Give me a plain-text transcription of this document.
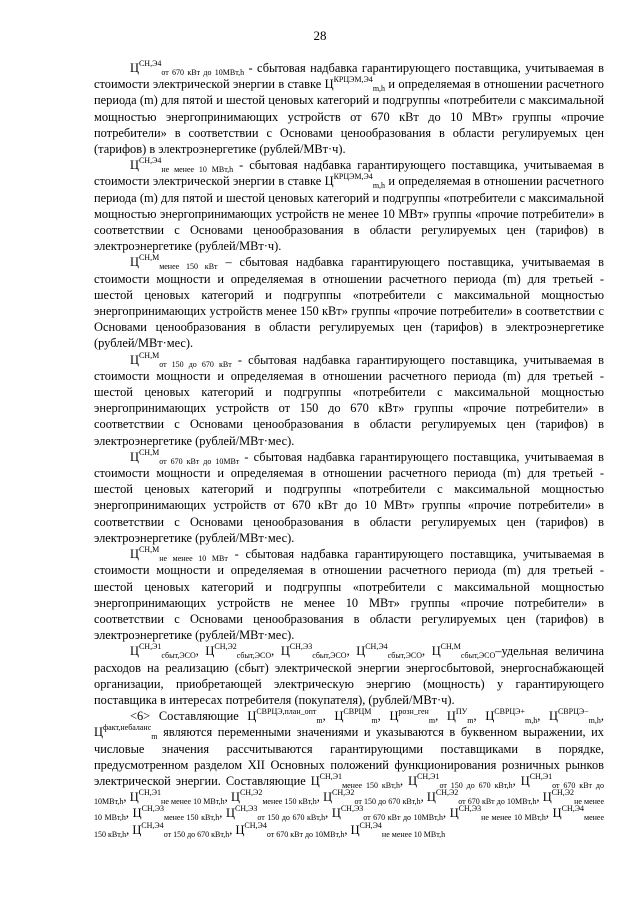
28

$Ц^{СН,Э4}_{от 670 кВт до 10МВт,h}$ - сбытовая надбавка гарантирующего поставщика, учитываемая в стоимости электрической энергии в ставке $Ц^{КРЦЭМ,Э4}_{m,h}$ и определяемая в отношении расчетного периода (m) для пятой и шестой ценовых категорий и подгруппы «потребители с максимальной мощностью энергопринимающих устройств от 670 кВт до 10 МВт» группы «прочие потребители» в соответствии с Основами ценообразования в области регулируемых цен (тарифов) в электроэнергетике (рублей/МВт·ч).

$Ц^{СН,Э4}_{не менее 10 МВт,h}$ - сбытовая надбавка гарантирующего поставщика, учитываемая в стоимости электрической энергии в ставке $Ц^{КРЦЭМ,Э4}_{m,h}$ и определяемая в отношении расчетного периода (m) для пятой и шестой ценовых категорий и подгруппы «потребители с максимальной мощностью энергопринимающих устройств не менее 10 МВт» группы «прочие потребители» в соответствии с Основами ценообразования в области регулируемых цен (тарифов) в электроэнергетике (рублей/МВт·ч).

$Ц^{СН,М}_{менее 150 кВт}$ – сбытовая надбавка гарантирующего поставщика, учитываемая в стоимости мощности и определяемая в отношении расчетного периода (m) для третьей - шестой ценовых категорий и подгруппы «потребители с максимальной мощностью энергопринимающих устройств менее 150 кВт» группы «прочие потребители» в соответствии с Основами ценообразования в области регулируемых цен (тарифов) в электроэнергетике (рублей/МВт·мес).

$Ц^{СН,М}_{от 150 до 670 кВт}$ - сбытовая надбавка гарантирующего поставщика, учитываемая в стоимости мощности и определяемая в отношении расчетного периода (m) для третьей - шестой ценовых категорий и подгруппы «потребители с максимальной мощностью энергопринимающих устройств от 150 до 670 кВт» группы «прочие потребители» в соответствии с Основами ценообразования в области регулируемых цен (тарифов) в электроэнергетике (рублей/МВт·мес).

$Ц^{СН,М}_{от 670 кВт до 10МВт}$ - сбытовая надбавка гарантирующего поставщика, учитываемая в стоимости мощности и определяемая в отношении расчетного периода (m) для третьей - шестой ценовых категорий и подгруппы «потребители с максимальной мощностью энергопринимающих устройств от 670 кВт до 10 МВт» группы «прочие потребители» в соответствии с Основами ценообразования в области регулируемых цен (тарифов) в электроэнергетике (рублей/МВт·мес).

$Ц^{СН,М}_{не менее 10 МВт}$ - сбытовая надбавка гарантирующего поставщика, учитываемая в стоимости мощности и определяемая в отношении расчетного периода (m) для третьей - шестой ценовых категорий и подгруппы «потребители с максимальной мощностью энергопринимающих устройств не менее 10 МВт» группы «прочие потребители» в соответствии с Основами ценообразования в области регулируемых цен (тарифов) в электроэнергетике (рублей/МВт·мес).

$Ц^{СН,Э1}_{сбыт,ЭСО}$, $Ц^{СН,Э2}_{сбыт,ЭСО}$, $Ц^{СН,Э3}_{сбыт,ЭСО}$, $Ц^{СН,Э4}_{сбыт,ЭСО}$, $Ц^{СН,М}_{сбыт,ЭСО}$–удельная величина расходов на реализацию (сбыт) электрической энергии энергосбытовой, энергоснабжающей организации, приобретающей электрическую энергию (мощность) у гарантирующего поставщика в интересах потребителя (покупателя), (рублей/МВт·ч).

<6> Составляющие $Ц^{СВРЦЭ,план\_опт}_m$, $Ц^{СВРЦМ}_m$, $Ц^{розн\_ген}_m$, $Ц^{ПУ}_m$, $Ц^{СВРЦЭ+}_{m,h}$, $Ц^{СВРЦЭ-}_{m,h}$, $Ц^{факт,небаланс}_m$ являются переменными значениями и указываются в буквенном выражении, их числовые значения рассчитываются гарантирующими поставщиками в порядке, предусмотренном разделом XII Основных положений функционирования розничных рынков электрической энергии. Составляющие $Ц^{СН,Э1}_{менее 150 кВт,h}$, $Ц^{СН,Э1}_{от 150 до 670 кВт,h}$, $Ц^{СН,Э1}_{от 670 кВт до 10МВт,h}$, $Ц^{СН,Э1}_{не менее 10 МВт,h}$, $Ц^{СН,Э2}_{менее 150 кВт,h}$, $Ц^{СН,Э2}_{от 150 до 670 кВт,h}$, $Ц^{СН,Э2}_{от 670 кВт до 10МВт,h}$, $Ц^{СН,Э2}_{не менее 10 МВт,h}$, $Ц^{СН,Э3}_{менее 150 кВт,h}$, $Ц^{СН,Э3}_{от 150 до 670 кВт,h}$, $Ц^{СН,Э3}_{от 670 кВт до 10МВт,h}$, $Ц^{СН,Э3}_{не менее 10 МВт,h}$, $Ц^{СН,Э4}_{менее 150 кВт,h}$, $Ц^{СН,Э4}_{от 150 до 670 кВт,h}$, $Ц^{СН,Э4}_{от 670 кВт до 10МВт,h}$, $Ц^{СН,Э4}_{не менее 10 МВт,h}$
